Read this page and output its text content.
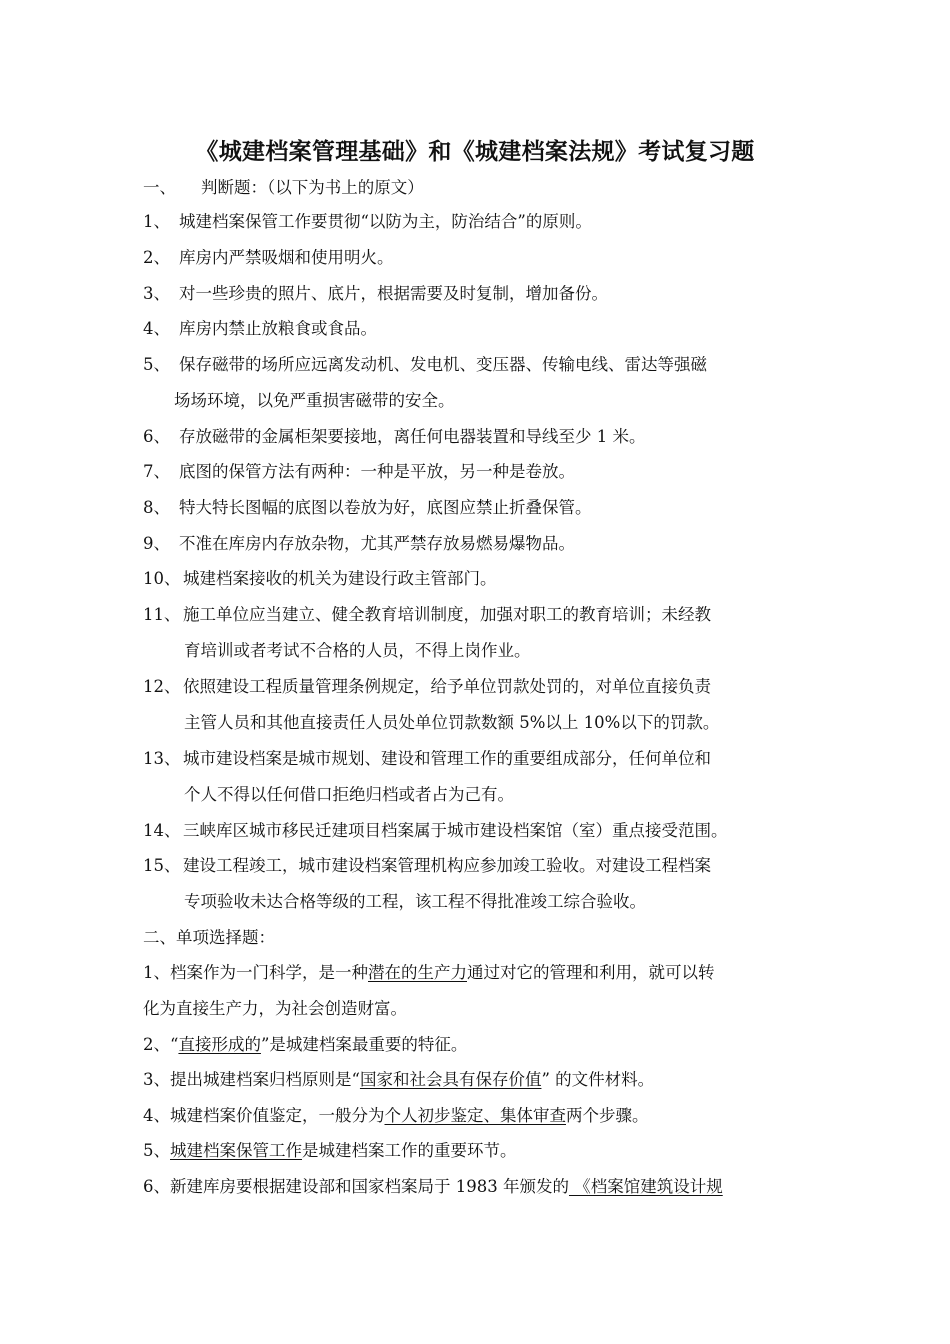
《城建档案管理基础》和《城建档案法规》考试复习题
一、 判断题：（以下为书上的原文）
1、 城建档案保管工作要贯彻“以防为主，防治结合”的原则。
2、 库房内严禁吸烟和使用明火。
3、 对一些珍贵的照片、底片，根据需要及时复制，增加备份。
4、 库房内禁止放粮食或食品。
5、 保存磁带的场所应远离发动机、发电机、变压器、传输电线、雷达等强磁
场场环境，以免严重损害磁带的安全。
6、 存放磁带的金属柜架要接地，离任何电器装置和导线至少 1 米。
7、 底图的保管方法有两种：一种是平放，另一种是卷放。
8、 特大特长图幅的底图以卷放为好，底图应禁止折叠保管。
9、 不准在库房内存放杂物，尤其严禁存放易燃易爆物品。
10、 城建档案接收的机关为建设行政主管部门。
11、 施工单位应当建立、健全教育培训制度，加强对职工的教育培训；未经教
育培训或者考试不合格的人员，不得上岗作业。
12、 依照建设工程质量管理条例规定，给予单位罚款处罚的，对单位直接负责
主管人员和其他直接责任人员处单位罚款数额 5%以上 10%以下的罚款。
13、 城市建设档案是城市规划、建设和管理工作的重要组成部分，任何单位和
个人不得以任何借口拒绝归档或者占为己有。
14、 三峡库区城市移民迁建项目档案属于城市建设档案馆（室）重点接受范围。
15、 建设工程竣工，城市建设档案管理机构应参加竣工验收。对建设工程档案
专项验收未达合格等级的工程，该工程不得批准竣工综合验收。
二、单项选择题：
1、档案作为一门科学，是一种潜在的生产力通过对它的管理和利用，就可以转
化为直接生产力，为社会创造财富。
2、“直接形成的”是城建档案最重要的特征。
3、提出城建档案归档原则是“国家和社会具有保存价值” 的文件材料。
4、城建档案价值鉴定，一般分为个人初步鉴定、集体审查两个步骤。
5、城建档案保管工作是城建档案工作的重要环节。
6、新建库房要根据建设部和国家档案局于 1983 年颁发的 《档案馆建筑设计规
